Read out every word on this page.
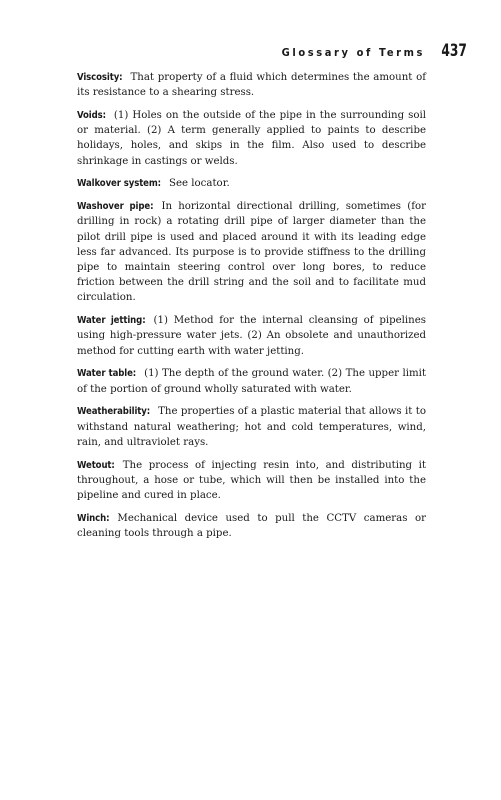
Glossary of Terms 437

Viscosity: That property of a fluid which determines the amount of its resistance to a shearing stress.

Voids: (1) Holes on the outside of the pipe in the surrounding soil or material. (2) A term generally applied to paints to describe holidays, holes, and skips in the film. Also used to describe shrinkage in castings or welds.

Walkover system: See locator.

Washover pipe: In horizontal directional drilling, sometimes (for drilling in rock) a rotating drill pipe of larger diameter than the pilot drill pipe is used and placed around it with its leading edge less far advanced. Its purpose is to provide stiffness to the drilling pipe to maintain steering control over long bores, to reduce friction between the drill string and the soil and to facilitate mud circulation.

Water jetting: (1) Method for the internal cleansing of pipelines using high-pressure water jets. (2) An obsolete and unauthorized method for cutting earth with water jetting.

Water table: (1) The depth of the ground water. (2) The upper limit of the portion of ground wholly saturated with water.

Weatherability: The properties of a plastic material that allows it to withstand natural weathering; hot and cold temperatures, wind, rain, and ultraviolet rays.

Wetout: The process of injecting resin into, and distributing it throughout, a hose or tube, which will then be installed into the pipeline and cured in place.

Winch: Mechanical device used to pull the CCTV cameras or cleaning tools through a pipe.
